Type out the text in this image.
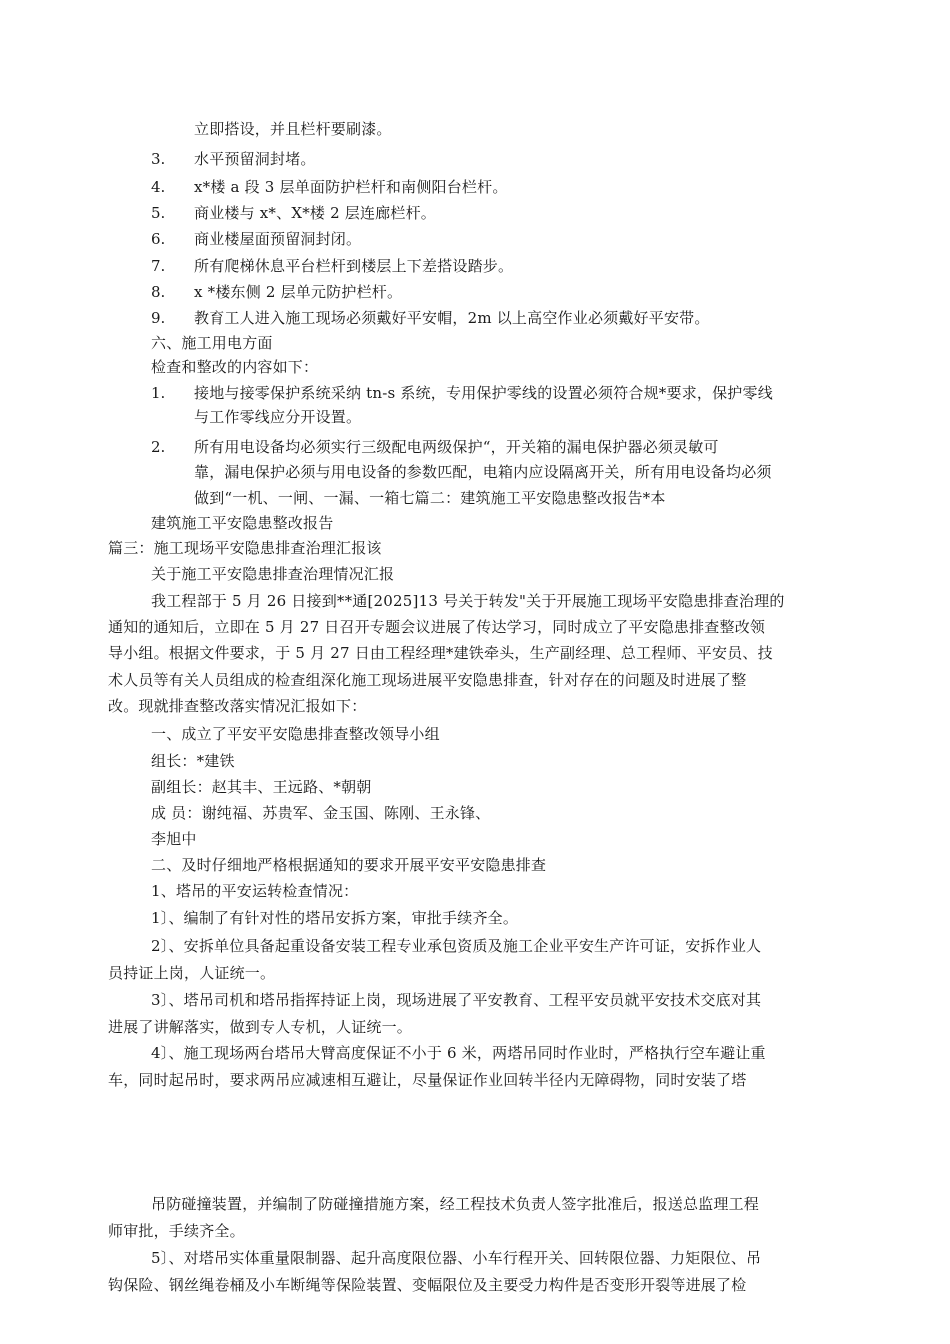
立即搭设，并且栏杆要刷漆。
3.	水平预留洞封堵。
4.	x*楼 a 段 3 层单面防护栏杆和南侧阳台栏杆。
5.	商业楼与 x*、X*楼 2 层连廊栏杆。
6.	商业楼屋面预留洞封闭。
7.	所有爬梯休息平台栏杆到楼层上下差搭设踏步。
8.	x *楼东侧 2 层单元防护栏杆。
9.	教育工人进入施工现场必须戴好平安帽，2m 以上高空作业必须戴好平安带。
六、施工用电方面
检查和整改的内容如下：
1.	接地与接零保护系统采纳 tn-s 系统，专用保护零线的设置必须符合规*要求，保护零线
与工作零线应分开设置。
2.	所有用电设备均必须实行三级配电两级保护“，开关箱的漏电保护器必须灵敏可
靠，漏电保护必须与用电设备的参数匹配，电箱内应设隔离开关，所有用电设备均必须
做到“一机、一闸、一漏、一箱七篇二：建筑施工平安隐患整改报告*本
建筑施工平安隐患整改报告
篇三：施工现场平安隐患排查治理汇报该
关于施工平安隐患排查治理情况汇报
我工程部于 5 月 26 日接到**通[2025]13 号关于转发"关于开展施工现场平安隐患排查治理的
通知的通知后，立即在 5 月 27 日召开专题会议进展了传达学习，同时成立了平安隐患排查整改领
导小组。根据文件要求，于 5 月 27 日由工程经理*建铁牵头，生产副经理、总工程师、平安员、技
术人员等有关人员组成的检查组深化施工现场进展平安隐患排查，针对存在的问题及时进展了整
改。现就排查整改落实情况汇报如下：
一、成立了平安平安隐患排查整改领导小组
组长：*建铁
副组长：赵其丰、王远路、*朝朝
成 员：谢纯福、苏贵军、金玉国、陈刚、王永锋、
李旭中
二、及时仔细地严格根据通知的要求开展平安平安隐患排查
1、塔吊的平安运转检查情况：
1〕、编制了有针对性的塔吊安拆方案，审批手续齐全。
2〕、安拆单位具备起重设备安装工程专业承包资质及施工企业平安生产许可证，安拆作业人
员持证上岗，人证统一。
3〕、塔吊司机和塔吊指挥持证上岗，现场进展了平安教育、工程平安员就平安技术交底对其
进展了讲解落实，做到专人专机，人证统一。
4〕、施工现场两台塔吊大臂高度保证不小于 6 米，两塔吊同时作业时，严格执行空车避让重
车，同时起吊时，要求两吊应减速相互避让，尽量保证作业回转半径内无障碍物，同时安装了塔
吊防碰撞装置，并编制了防碰撞措施方案，经工程技术负责人签字批准后，报送总监理工程
师审批，手续齐全。
5〕、对塔吊实体重量限制器、起升高度限位器、小车行程开关、回转限位器、力矩限位、吊
钩保险、钢丝绳卷桶及小车断绳等保险装置、变幅限位及主要受力构件是否变形开裂等进展了检
